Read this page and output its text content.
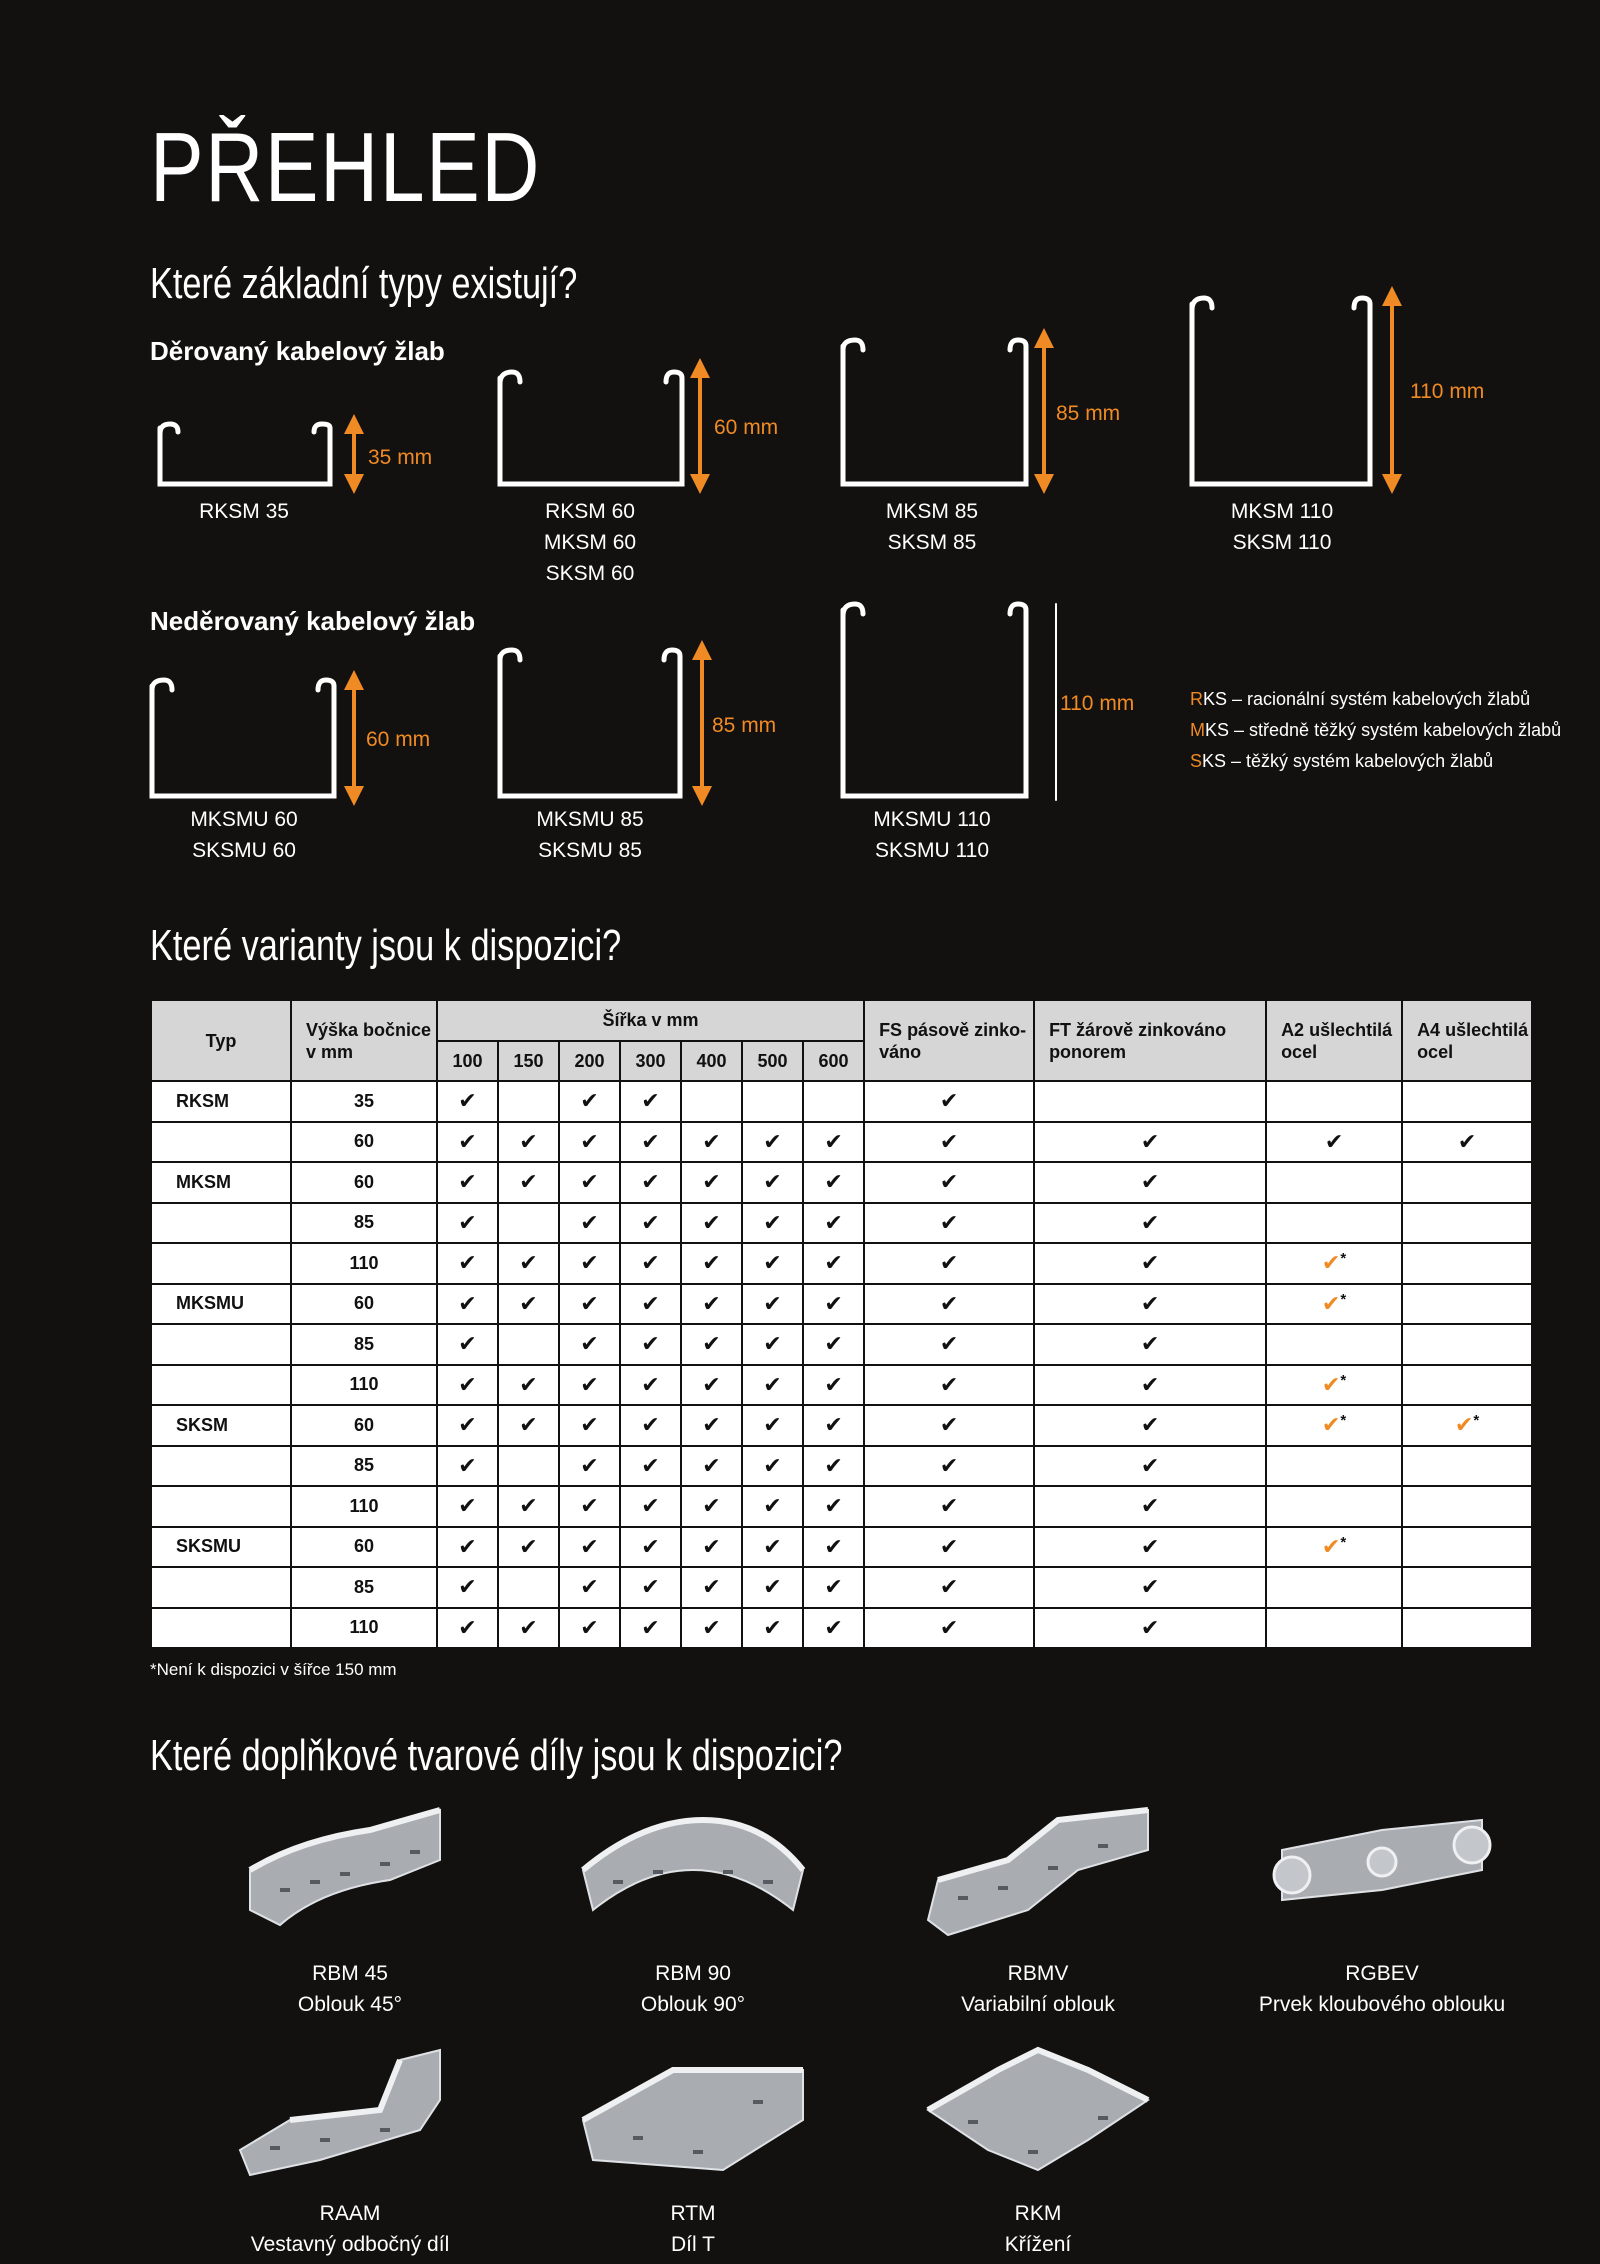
PŘEHLED
Které základní typy existují?
Děrovaný kabelový žlab
Neděrovaný kabelový žlab
35 mm
60 mm
85 mm
110 mm
60 mm
85 mm
110 mm
RKSM 35	RKSM 60
MKSM 60
SKSM 60
MKSM 85
SKSM 85
MKSM 110
SKSM 110
MKSMU 60
SKSMU 60
MKSMU 85
SKSMU 85
MKSMU 110
SKSMU 110
RKS – racionální systém kabelových žlabů
MKS – středně těžký systém kabelových žlabů
SKS – těžký systém kabelových žlabů
Které varianty jsou k dispozici?
Typ	Výška bočnice v mm	Šířka v mm							FS pásově zinko-váno	FT žárově zinkováno ponorem	A2 ušlechtilá ocel	A4 ušlechtilá ocel
		100	150	200	300	400	500	600				
RKSM	35	✔		✔	✔				✔			
	60	✔	✔	✔	✔	✔	✔	✔	✔	✔	✔	✔
MKSM	60	✔	✔	✔	✔	✔	✔	✔	✔	✔		
	85	✔		✔	✔	✔	✔	✔	✔	✔		
	110	✔	✔	✔	✔	✔	✔	✔	✔	✔	✔*	
MKSMU	60	✔	✔	✔	✔	✔	✔	✔	✔	✔	✔*	
	85	✔		✔	✔	✔	✔	✔	✔	✔		
	110	✔	✔	✔	✔	✔	✔	✔	✔	✔	✔*	
SKSM	60	✔	✔	✔	✔	✔	✔	✔	✔	✔	✔*	✔*
	85	✔		✔	✔	✔	✔	✔	✔	✔		
	110	✔	✔	✔	✔	✔	✔	✔	✔	✔		
SKSMU	60	✔	✔	✔	✔	✔	✔	✔	✔	✔	✔*	
	85	✔		✔	✔	✔	✔	✔	✔	✔		
	110	✔	✔	✔	✔	✔	✔	✔	✔	✔		
*Není k dispozici v šířce 150 mm
Které doplňkové tvarové díly jsou k dispozici?
RBM 45
Oblouk 45°
RBM 90
Oblouk 90°
RBMV
Variabilní oblouk
RGBEV
Prvek kloubového oblouku
RAAM
Vestavný odbočný díl
RTM
Díl T
RKM
Křížení
